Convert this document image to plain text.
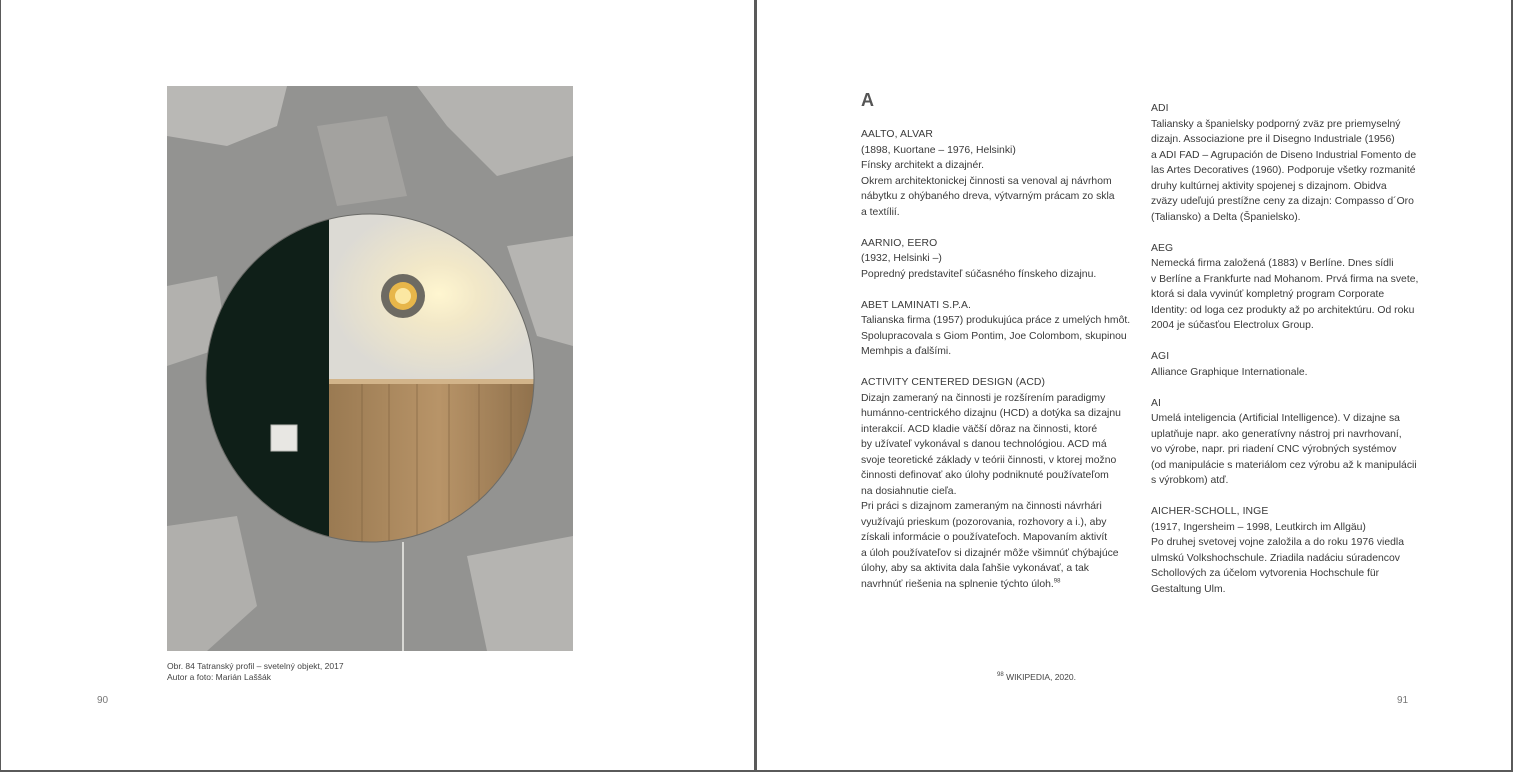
Obr. 84 Tatranský profil – svetelný objekt, 2017
Autor a foto: Marián Laššák
90
A
AALTO, ALVAR

(1898, Kuortane – 1976, Helsinki)

Fínsky architekt a dizajnér.

Okrem architektonickej činnosti sa venoval aj návrhom

nábytku z ohýbaného dreva, výtvarným prácam zo skla

a textílií.

AARNIO, EERO

(1932, Helsinki –)

Popredný predstaviteľ súčasného fínskeho dizajnu.

ABET LAMINATI S.P.A.

Talianska firma (1957) produkujúca práce z umelých hmôt.

Spolupracovala s Giom Pontim, Joe Colombom, skupinou

Memhpis a ďalšími.

ACTIVITY CENTERED DESIGN (ACD)

Dizajn zameraný na činnosti je rozšírením paradigmy

humánno-centrického dizajnu (HCD) a dotýka sa dizajnu

interakcií. ACD kladie väčší dôraz na činnosti, ktoré

by užívateľ vykonával s danou technológiou. ACD má

svoje teoretické základy v teórii činnosti, v ktorej možno

činnosti definovať ako úlohy podniknuté používateľom

na dosiahnutie cieľa.

Pri práci s dizajnom zameraným na činnosti návrhári

využívajú prieskum (pozorovania, rozhovory a i.), aby

získali informácie o používateľoch. Mapovaním aktivít

a úloh používateľov si dizajnér môže všimnúť chýbajúce

úlohy, aby sa aktivita dala ľahšie vykonávať, a tak

navrhnúť riešenia na splnenie týchto úloh.$^{98}$

ADI

Taliansky a španielsky podporný zväz pre priemyselný

dizajn. Associazione pre il Disegno Industriale (1956)

a ADI FAD – Agrupación de Diseno Industrial Fomento de

las Artes Decoratives (1960). Podporuje všetky rozmanité

druhy kultúrnej aktivity spojenej s dizajnom. Obidva

zväzy udeľujú prestížne ceny za dizajn: Compasso d´Oro

(Taliansko) a Delta (Španielsko).

AEG

Nemecká firma založená (1883) v Berlíne. Dnes sídli

v Berlíne a Frankfurte nad Mohanom. Prvá firma na svete,

ktorá si dala vyvinúť kompletný program Corporate

Identity: od loga cez produkty až po architektúru. Od roku

2004 je súčasťou Electrolux Group.

AGI

Alliance Graphique Internationale.

AI

Umelá inteligencia (Artificial Intelligence). V dizajne sa

uplatňuje napr. ako generatívny nástroj pri navrhovaní,

vo výrobe, napr. pri riadení CNC výrobných systémov

(od manipulácie s materiálom cez výrobu až k manipulácii

s výrobkom) atď.

AICHER-SCHOLL, INGE

(1917, Ingersheim – 1998, Leutkirch im Allgäu)

Po druhej svetovej vojne založila a do roku 1976 viedla

ulmskú Volkshochschule. Zriadila nadáciu súradencov

Schollových za účelom vytvorenia Hochschule für

Gestaltung Ulm.

$^{98}$ WIKIPEDIA, 2020.
91
